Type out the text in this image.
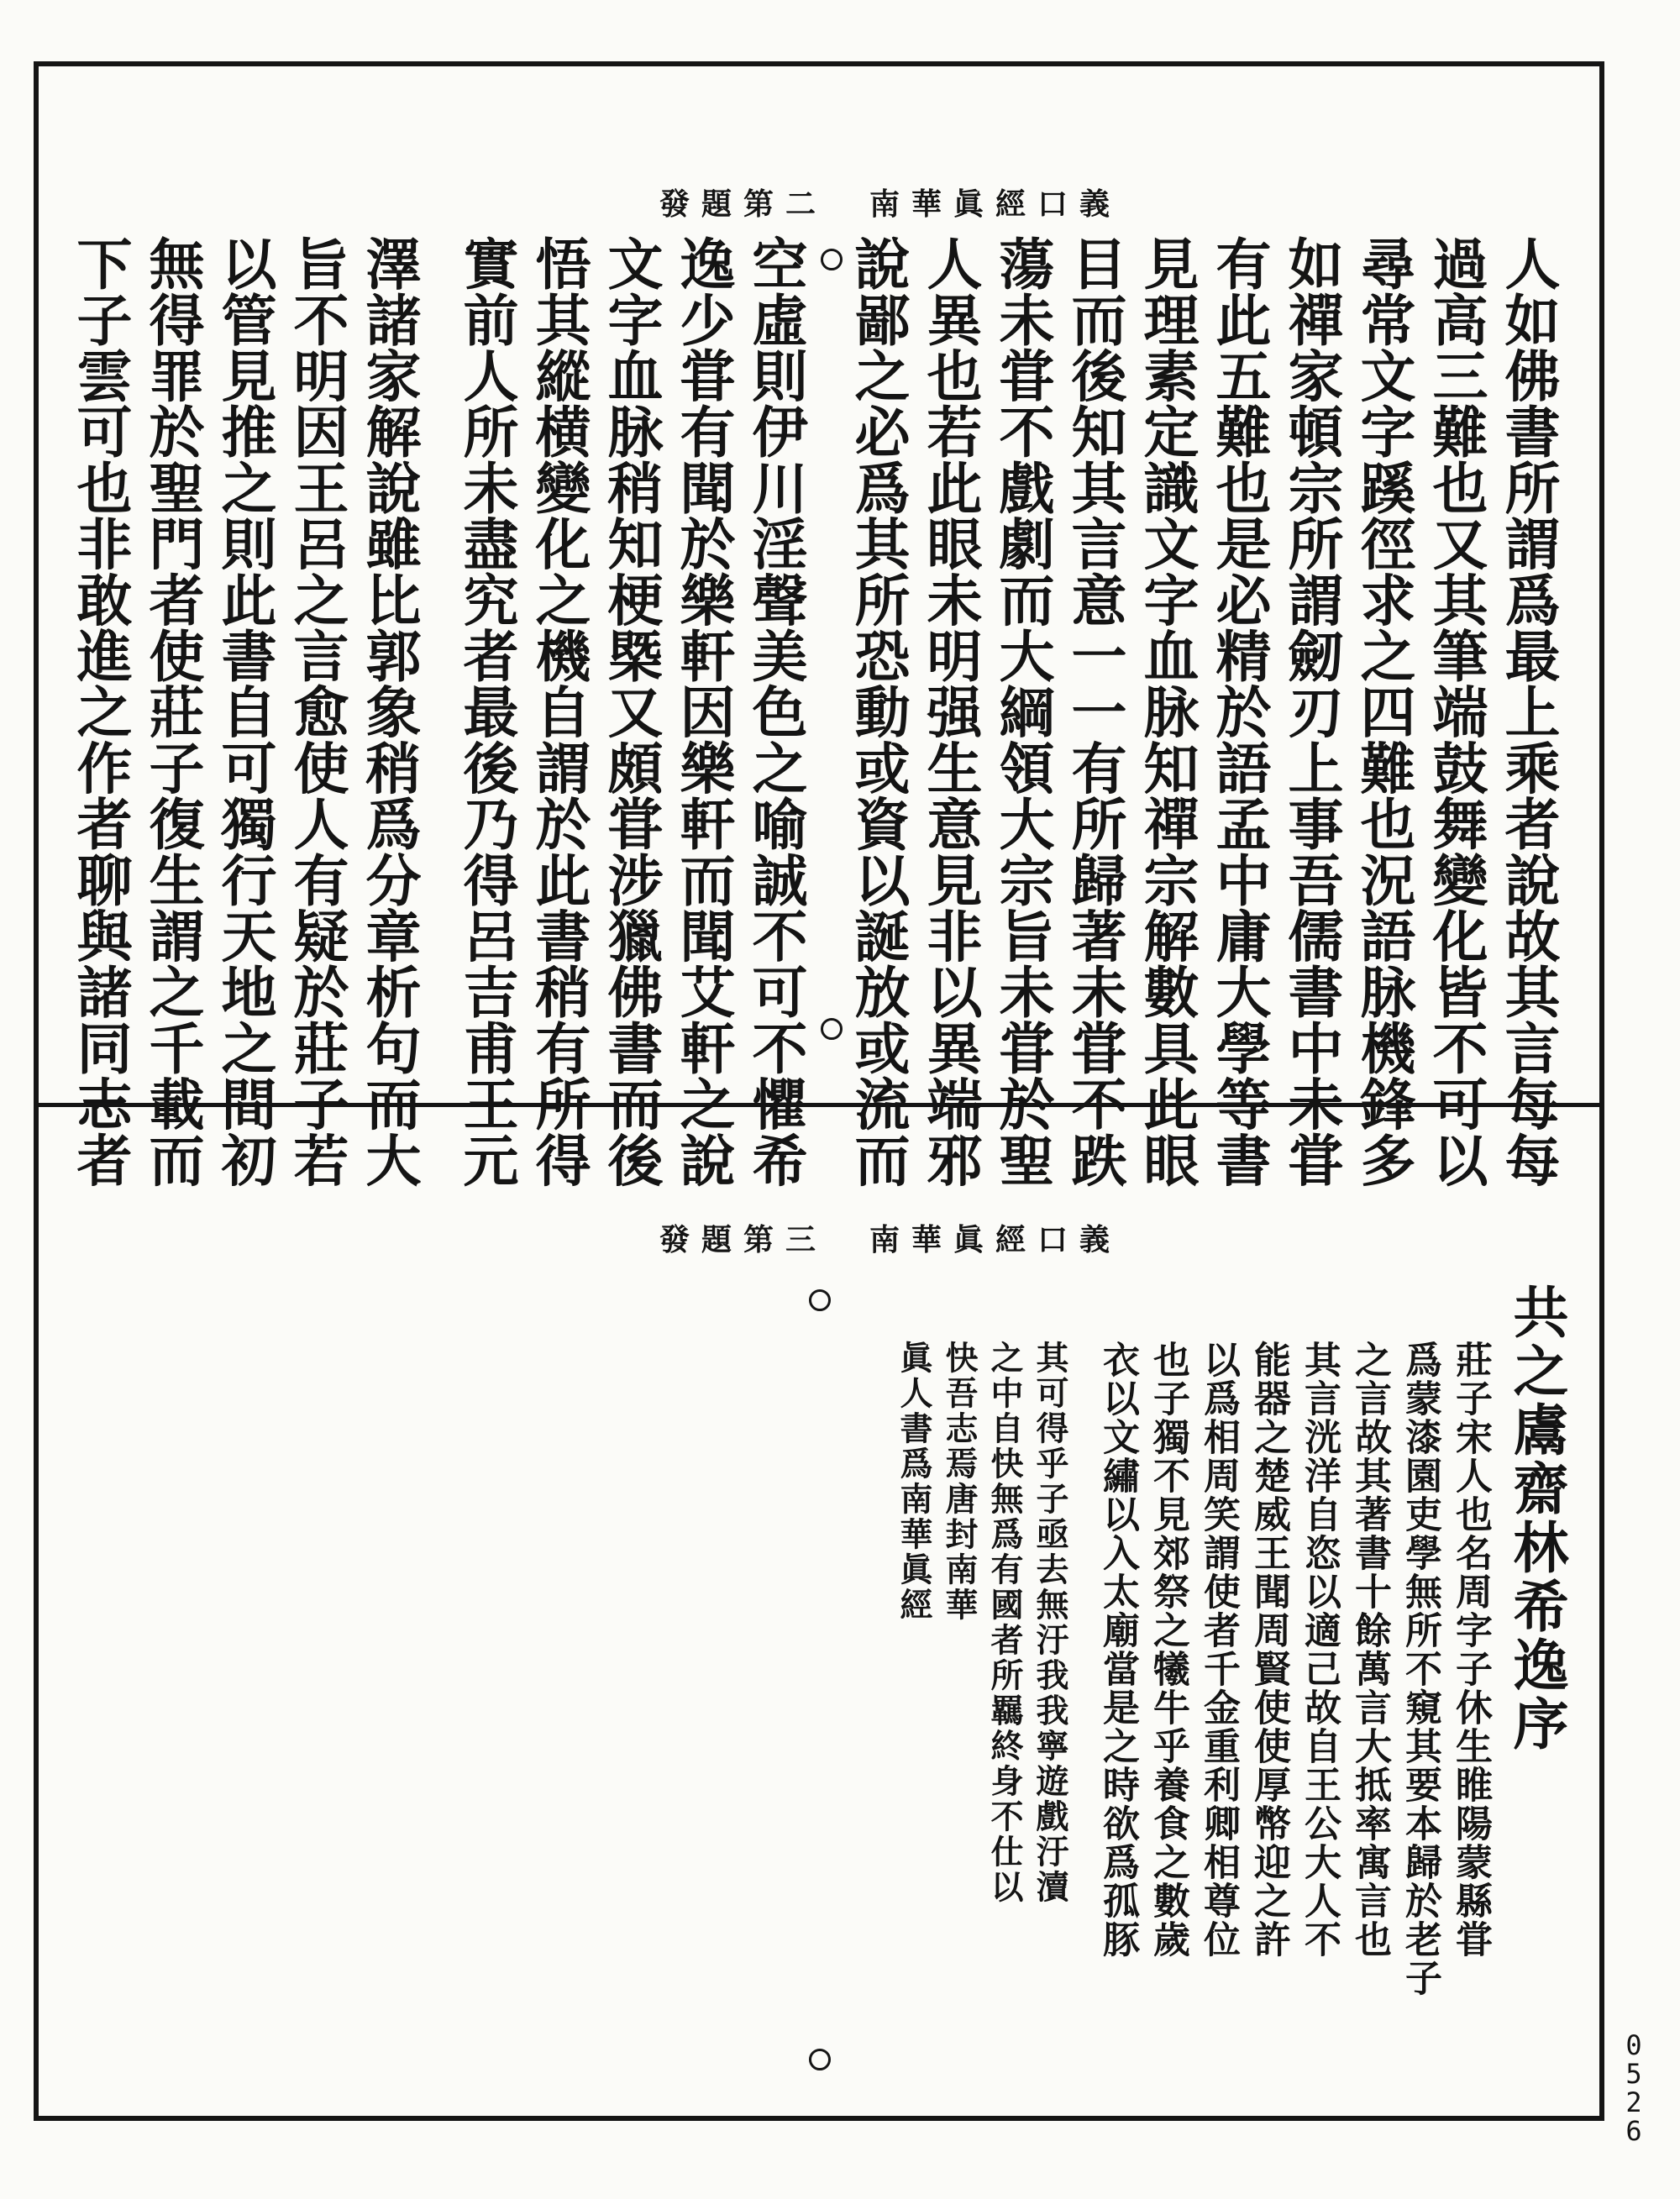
發題第二  南華眞經口義
人如佛書所謂爲最上乘者說故其言每每
過高三難也又其筆端鼓舞變化皆不可以
尋常文字蹊徑求之四難也況語脉機鋒多
如禪家頓宗所謂劒刃上事吾儒書中未甞
有此五難也是必精於語孟中庸大學等書
見理素定識文字血脉知禪宗解數具此眼
目而後知其言意一一有所歸著未甞不跌
蕩未甞不戲劇而大綱領大宗旨未甞於聖
人異也若此眼未明强生意見非以異端邪
說鄙之必爲其所恐動或資以誕放或流而
空虛則伊川淫聲美色之喻誠不可不懼希
逸少甞有聞於樂軒因樂軒而聞艾軒之說
文字血脉稍知梗槩又頗甞涉獵佛書而後
悟其縱横變化之機自謂於此書稍有所得
實前人所未盡究者最後乃得呂吉甫王元
澤諸家解說雖比郭象稍爲分章析句而大
旨不明因王呂之言愈使人有疑於莊子若
以管見推之則此書自可獨行天地之間初
無得罪於聖門者使莊子復生謂之千載而
下子雲可也非敢進之作者聊與諸同志者
發題第三  南華眞經口義
共之鬳齋林希逸序
莊子宋人也名周字子休生睢陽蒙縣甞
爲蒙漆園吏學無所不窺其要本歸於老子
之言故其著書十餘萬言大抵率寓言也
其言洸洋自恣以適己故自王公大人不
能器之楚威王聞周賢使使厚幣迎之許
以爲相周笑謂使者千金重利卿相尊位
也子獨不見郊祭之犧牛乎養食之數歲
衣以文繡以入太廟當是之時欲爲孤豚
其可得乎子亟去無汙我我寧遊戲汙瀆
之中自快無爲有國者所羈終身不仕以
快吾志焉唐封南華
眞人書爲南華眞經
0526
